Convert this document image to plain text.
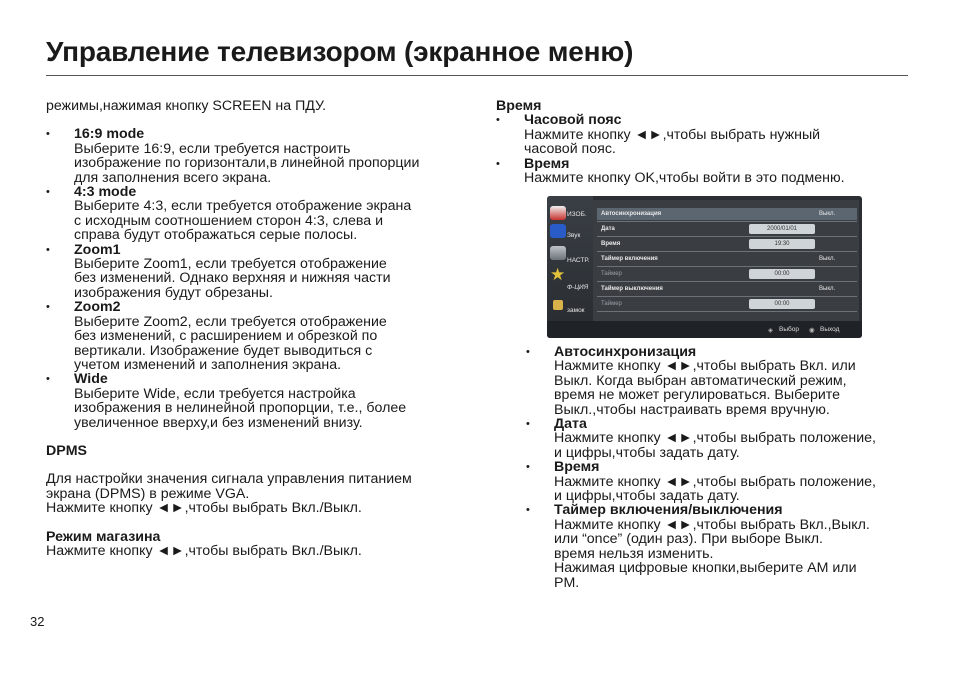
Управление телевизором (экранное меню)
режимы,нажимая кнопку SCREEN на ПДУ.
• 16:9 mode
Выберите 16:9, если требуется настроить
изображение по горизонтали,в линейной пропорции
для заполнения всего экрана.
• 4:3 mode
Выберите 4:3, если требуется отображение экрана
с исходным соотношением сторон 4:3, слева и
справа будут отображаться серые полосы.
• Zoom1
Выберите Zoom1, если требуется отображение
без изменений. Однако верхняя и нижняя части
изображения будут обрезаны.
• Zoom2
Выберите Zoom2, если требуется отображение
без изменений, с расширением и обрезкой по
вертикали. Изображение будет выводиться с
учетом изменений и заполнения экрана.
• Wide
Выберите Wide, если требуется настройка
изображения в нелинейной пропорции, т.е., более
увеличенное вверху,и без изменений внизу.
DPMS
Для настройки значения сигнала управления питанием
экрана (DPMS) в режиме VGA.
Нажмите кнопку ◄►,чтобы выбрать Вкл./Выкл.
Режим магазина
Нажмите кнопку ◄►,чтобы выбрать Вкл./Выкл.
Время
• Часовой пояс
Нажмите кнопку ◄►,чтобы выбрать нужный
часовой пояс.
• Время
Нажмите кнопку OK,чтобы войти в это подменю.
• Автосинхронизация
Нажмите кнопку ◄►,чтобы выбрать Вкл. или
Выкл. Когда выбран автоматический режим,
время не может регулироваться. Выберите
Выкл.,чтобы настраивать время вручную.
• Дата
Нажмите кнопку ◄►,чтобы выбрать положение,
и цифры,чтобы задать дату.
• Время
Нажмите кнопку ◄►,чтобы выбрать положение,
и цифры,чтобы задать дату.
• Таймер включения/выключения
Нажмите кнопку ◄►,чтобы выбрать Вкл.,Выкл.
или “once” (один раз). При выборе Выкл.
время нельзя изменить.
Нажимая цифровые кнопки,выберите AM или
PM.
ИЗОБ.
Звук
НАСТР.
★
Ф-ЦИЯ
замок
Автосинхронизация	Выкл.
Дата	2000/01/01
Время	19:30
Таймер включения	Выкл.
Таймер	00:00
Таймер выключения	Выкл.
Таймер	00:00
◈ Выбор ◉ Выход
32
